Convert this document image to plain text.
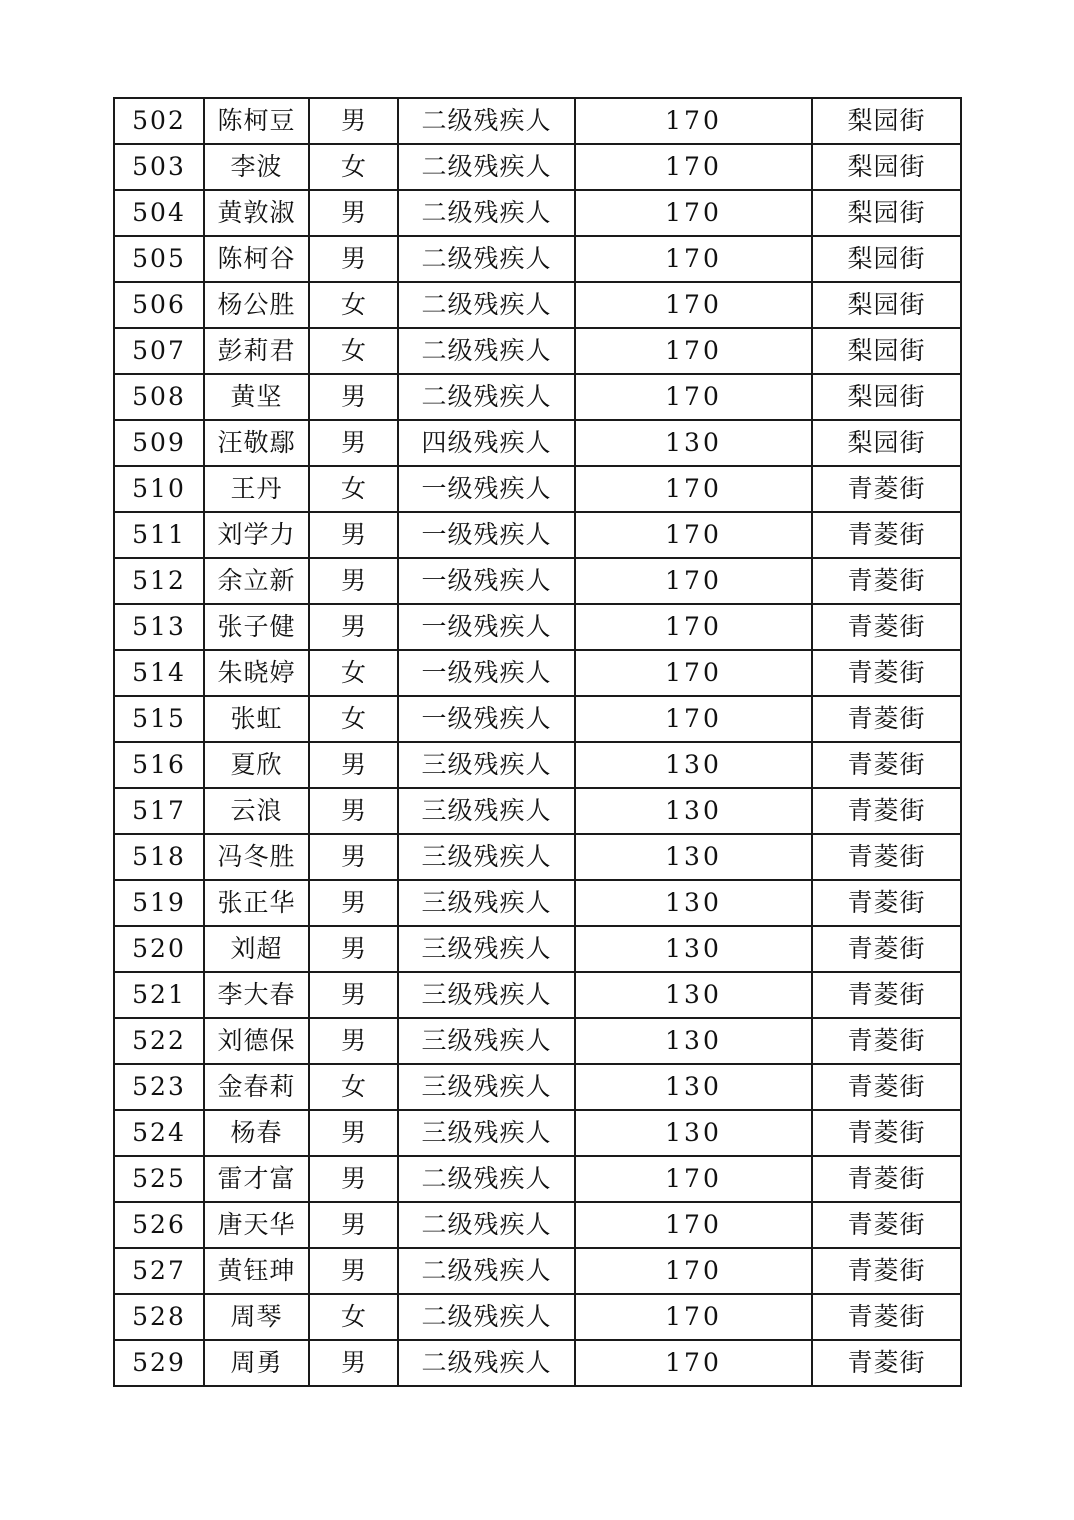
502	陈柯豆	男	二级残疾人	170	梨园街
503	李波	女	二级残疾人	170	梨园街
504	黄敦淑	男	二级残疾人	170	梨园街
505	陈柯谷	男	二级残疾人	170	梨园街
506	杨公胜	女	二级残疾人	170	梨园街
507	彭莉君	女	二级残疾人	170	梨园街
508	黄坚	男	二级残疾人	170	梨园街
509	汪敬鄢	男	四级残疾人	130	梨园街
510	王丹	女	一级残疾人	170	青菱街
511	刘学力	男	一级残疾人	170	青菱街
512	余立新	男	一级残疾人	170	青菱街
513	张子健	男	一级残疾人	170	青菱街
514	朱晓婷	女	一级残疾人	170	青菱街
515	张虹	女	一级残疾人	170	青菱街
516	夏欣	男	三级残疾人	130	青菱街
517	云浪	男	三级残疾人	130	青菱街
518	冯冬胜	男	三级残疾人	130	青菱街
519	张正华	男	三级残疾人	130	青菱街
520	刘超	男	三级残疾人	130	青菱街
521	李大春	男	三级残疾人	130	青菱街
522	刘德保	男	三级残疾人	130	青菱街
523	金春莉	女	三级残疾人	130	青菱街
524	杨春	男	三级残疾人	130	青菱街
525	雷才富	男	二级残疾人	170	青菱街
526	唐天华	男	二级残疾人	170	青菱街
527	黄钰珅	男	二级残疾人	170	青菱街
528	周琴	女	二级残疾人	170	青菱街
529	周勇	男	二级残疾人	170	青菱街
